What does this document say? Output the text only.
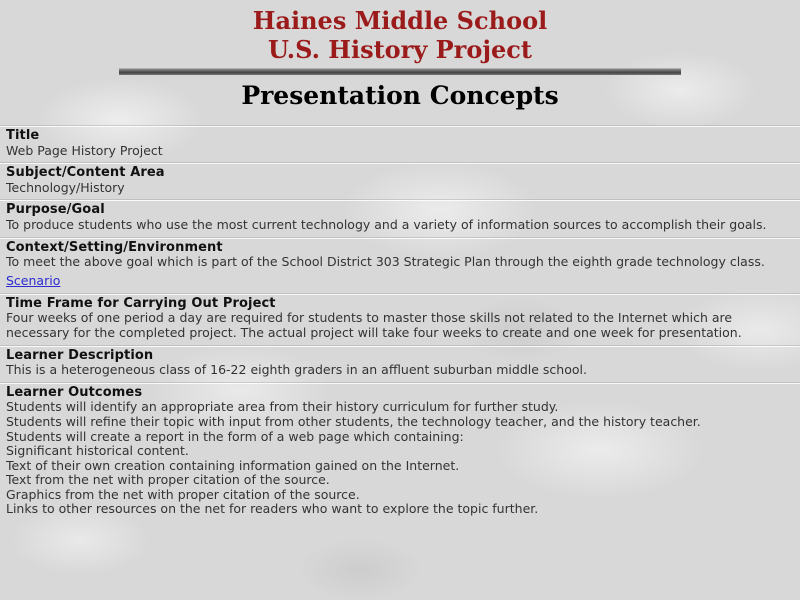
Haines Middle School
U.S. History Project
Presentation Concepts
Title
Web Page History Project
Subject/Content Area
Technology/History
Purpose/Goal
To produce students who use the most current technology and a variety of information sources to accomplish their goals.
Context/Setting/Environment
To meet the above goal which is part of the School District 303 Strategic Plan through the eighth grade technology class.
Scenario
Time Frame for Carrying Out Project
Four weeks of one period a day are required for students to master those skills not related to the Internet which are necessary for the completed project. The actual project will take four weeks to create and one week for presentation.
Learner Description
This is a heterogeneous class of 16-22 eighth graders in an affluent suburban middle school.
Learner Outcomes
Students will identify an appropriate area from their history curriculum for further study.
Students will refine their topic with input from other students, the technology teacher, and the history teacher.
Students will create a report in the form of a web page which containing:
Significant historical content.
Text of their own creation containing information gained on the Internet.
Text from the net with proper citation of the source.
Graphics from the net with proper citation of the source.
Links to other resources on the net for readers who want to explore the topic further.
